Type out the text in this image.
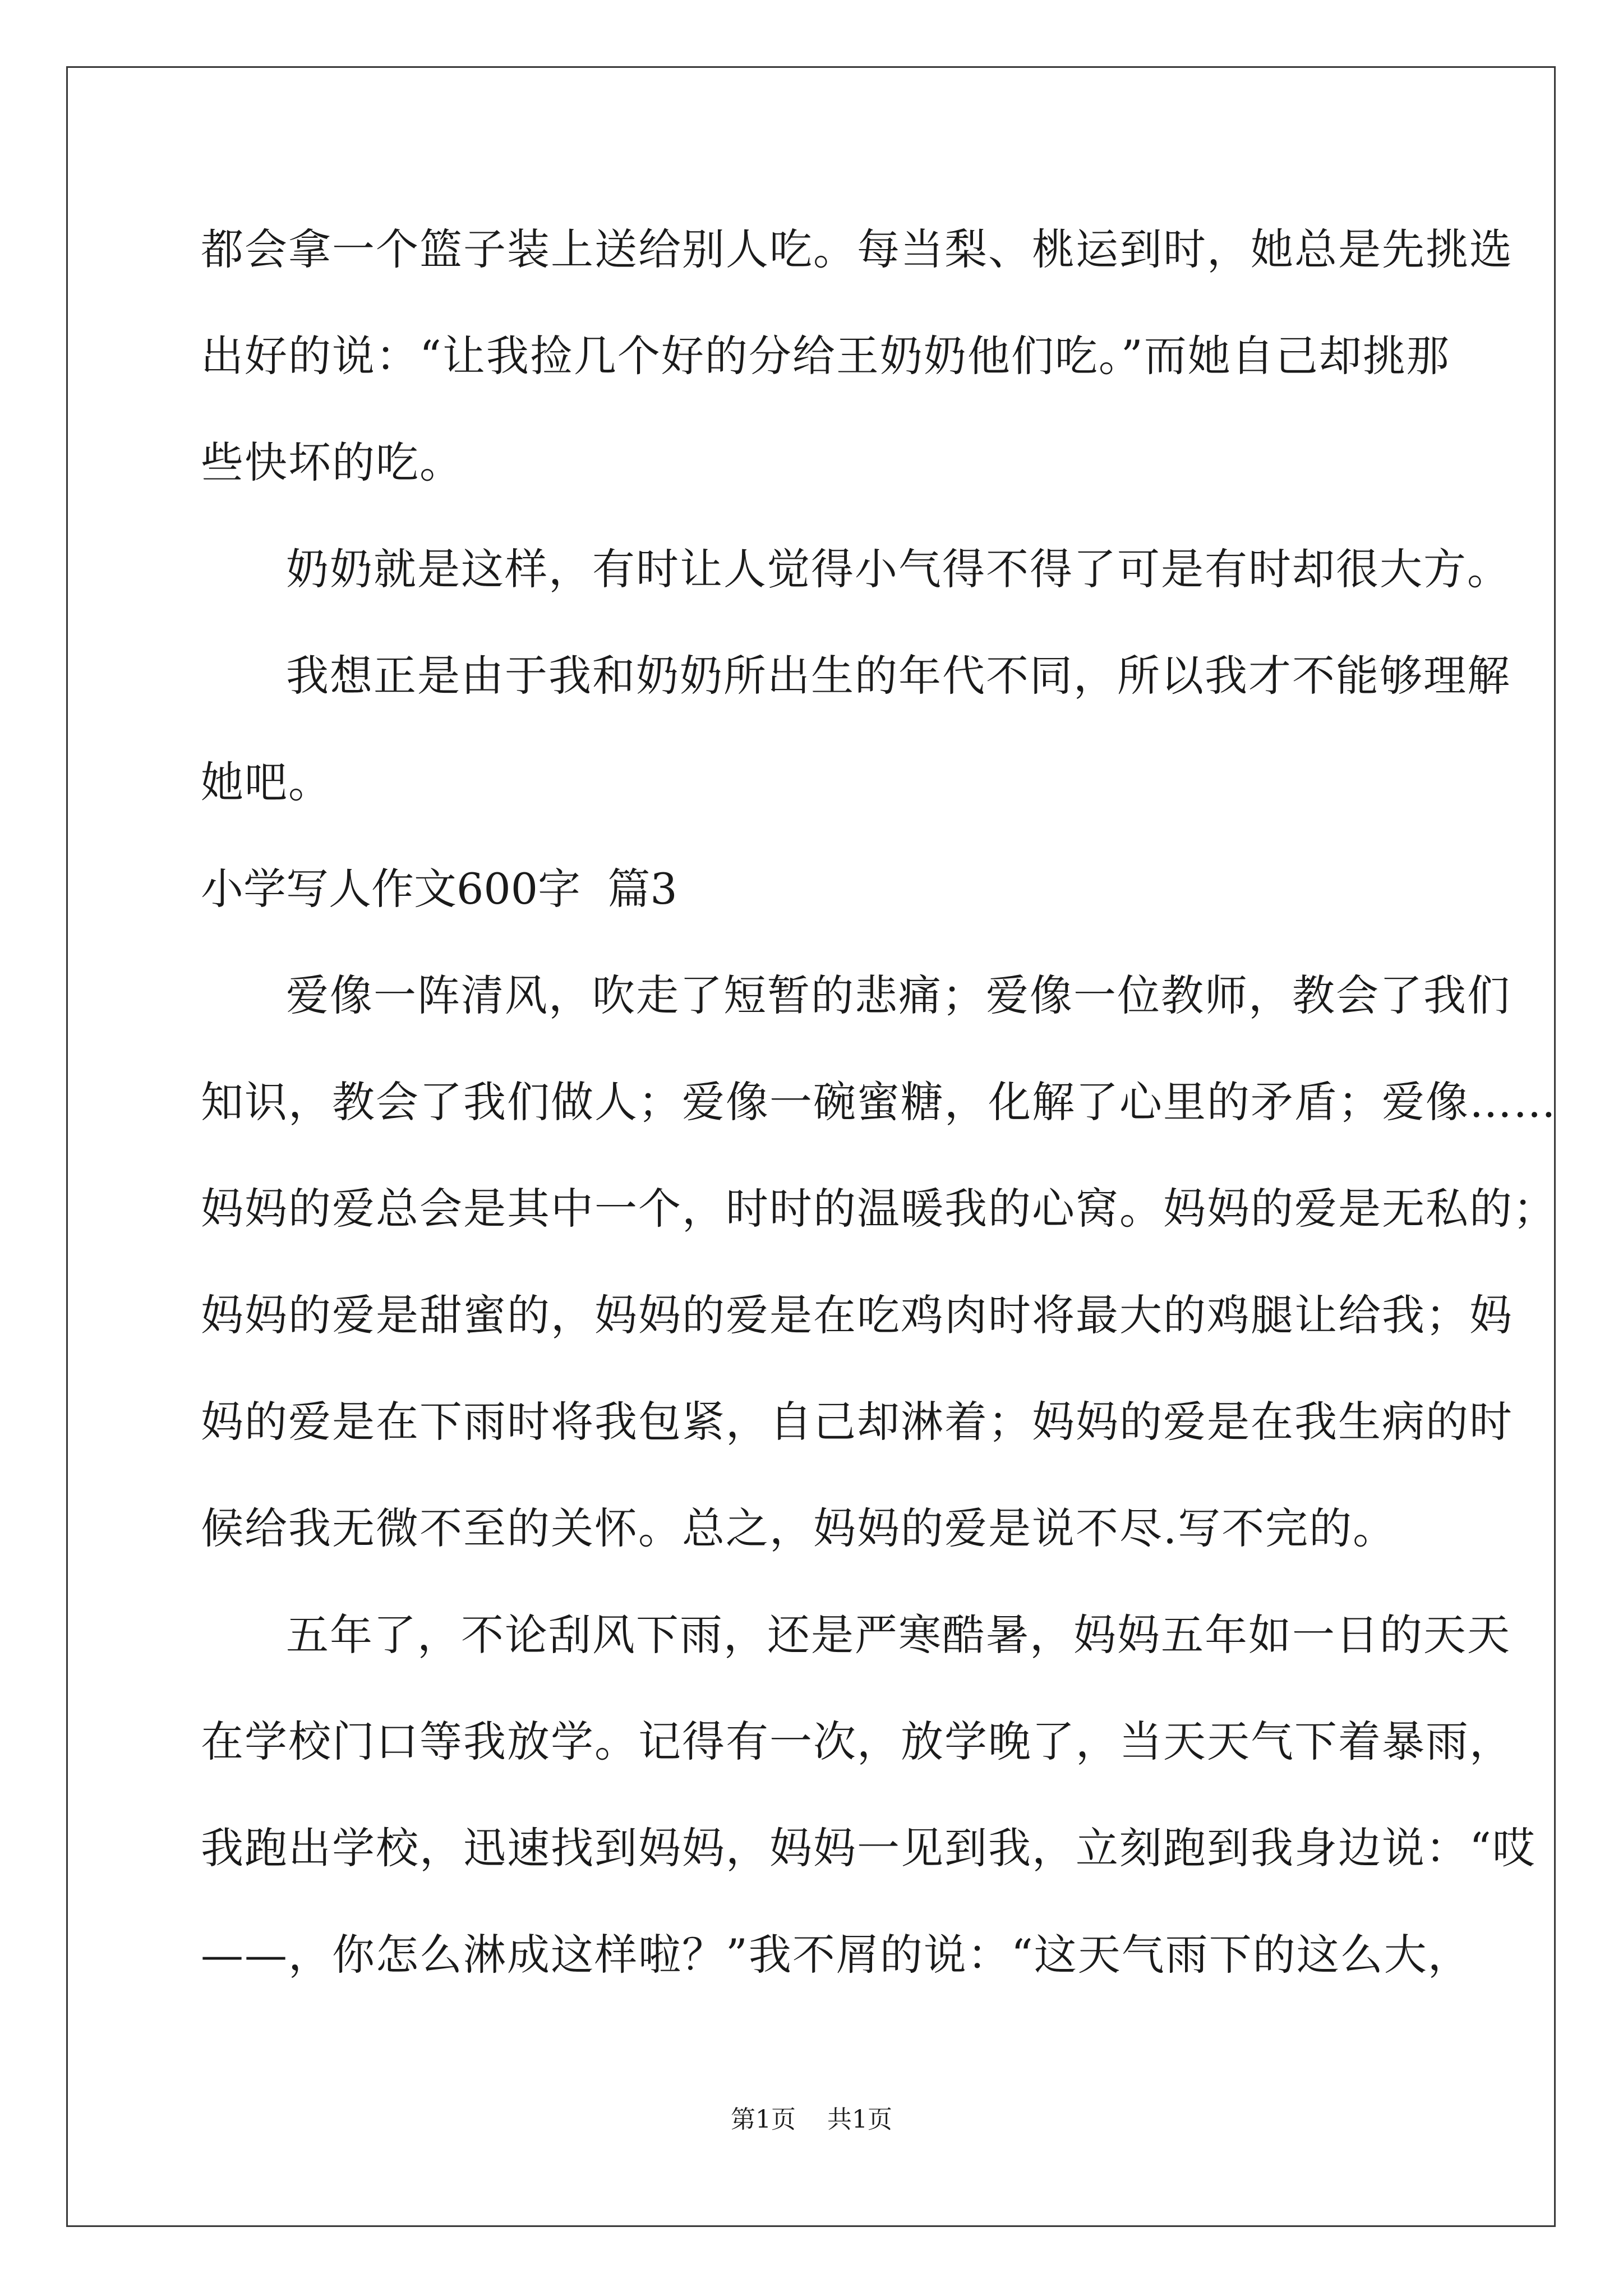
都会拿一个篮子装上送给别人吃。每当梨、桃运到时，她总是先挑选
出好的说：“让我捡几个好的分给王奶奶他们吃。”而她自己却挑那
些快坏的吃。
奶奶就是这样，有时让人觉得小气得不得了可是有时却很大方。
我想正是由于我和奶奶所出生的年代不同，所以我才不能够理解
她吧。
小学写人作文600字  篇3
爱像一阵清风，吹走了短暂的悲痛；爱像一位教师，教会了我们
知识，教会了我们做人；爱像一碗蜜糖，化解了心里的矛盾；爱像……
妈妈的爱总会是其中一个，时时的温暖我的心窝。妈妈的爱是无私的；
妈妈的爱是甜蜜的，妈妈的爱是在吃鸡肉时将最大的鸡腿让给我；妈
妈的爱是在下雨时将我包紧，自己却淋着；妈妈的爱是在我生病的时
候给我无微不至的关怀。总之，妈妈的爱是说不尽.写不完的。
五年了，不论刮风下雨，还是严寒酷暑，妈妈五年如一日的天天
在学校门口等我放学。记得有一次，放学晚了，当天天气下着暴雨，
我跑出学校，迅速找到妈妈，妈妈一见到我，立刻跑到我身边说：“哎
——，你怎么淋成这样啦？”我不屑的说：“这天气雨下的这么大，
第1页    共1页
